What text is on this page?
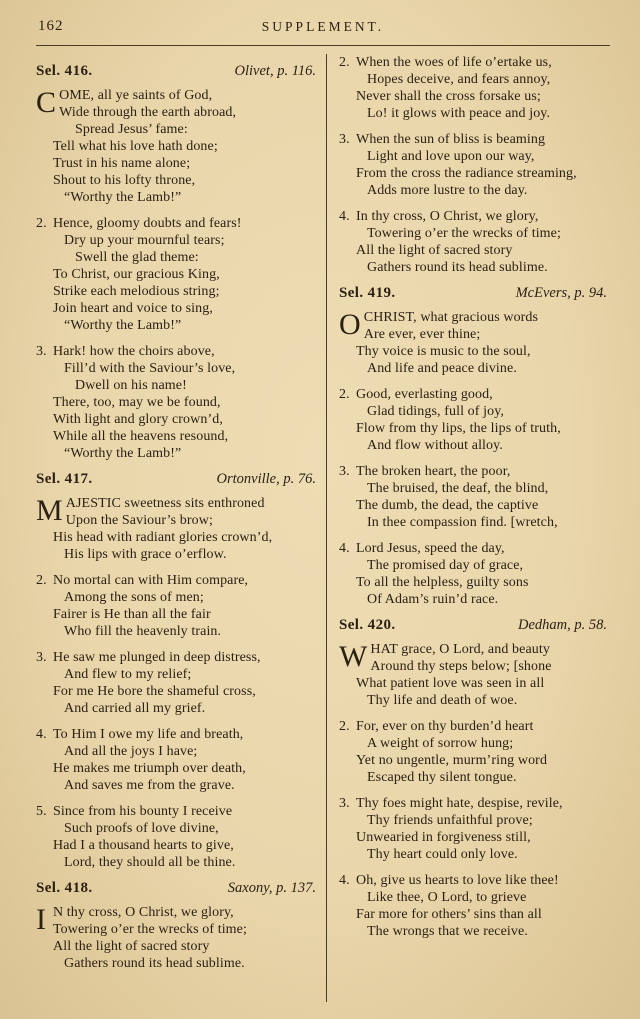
162	SUPPLEMENT.
Sel. 416.	Olivet, p. 116.
C OME, all ye saints of God,
Wide through the earth abroad,
Spread Jesus’ fame:
Tell what his love hath done;
Trust in his name alone;
Shout to his lofty throne,
“Worthy the Lamb!”
2. Hence, gloomy doubts and fears!
Dry up your mournful tears;
Swell the glad theme:
To Christ, our gracious King,
Strike each melodious string;
Join heart and voice to sing,
“Worthy the Lamb!”
3. Hark! how the choirs above,
Fill’d with the Saviour’s love,
Dwell on his name!
There, too, may we be found,
With light and glory crown’d,
While all the heavens resound,
“Worthy the Lamb!”
Sel. 417.	Ortonville, p. 76.
M AJESTIC sweetness sits enthroned
Upon the Saviour’s brow;
His head with radiant glories crown’d,
His lips with grace o’erflow.
2. No mortal can with Him compare,
Among the sons of men;
Fairer is He than all the fair
Who fill the heavenly train.
3. He saw me plunged in deep distress,
And flew to my relief;
For me He bore the shameful cross,
And carried all my grief.
4. To Him I owe my life and breath,
And all the joys I have;
He makes me triumph over death,
And saves me from the grave.
5. Since from his bounty I receive
Such proofs of love divine,
Had I a thousand hearts to give,
Lord, they should all be thine.
Sel. 418.	Saxony, p. 137.
I N thy cross, O Christ, we glory,
Towering o’er the wrecks of time;
All the light of sacred story
Gathers round its head sublime.
2. When the woes of life o’ertake us,
Hopes deceive, and fears annoy,
Never shall the cross forsake us;
Lo! it glows with peace and joy.
3. When the sun of bliss is beaming
Light and love upon our way,
From the cross the radiance streaming,
Adds more lustre to the day.
4. In thy cross, O Christ, we glory,
Towering o’er the wrecks of time;
All the light of sacred story
Gathers round its head sublime.
Sel. 419.	McEvers, p. 94.
O CHRIST, what gracious words
Are ever, ever thine;
Thy voice is music to the soul,
And life and peace divine.
2. Good, everlasting good,
Glad tidings, full of joy,
Flow from thy lips, the lips of truth,
And flow without alloy.
3. The broken heart, the poor,
The bruised, the deaf, the blind,
The dumb, the dead, the captive
In thee compassion find. [wretch,
4. Lord Jesus, speed the day,
The promised day of grace,
To all the helpless, guilty sons
Of Adam’s ruin’d race.
Sel. 420.	Dedham, p. 58.
W HAT grace, O Lord, and beauty
Around thy steps below; [shone
What patient love was seen in all
Thy life and death of woe.
2. For, ever on thy burden’d heart
A weight of sorrow hung;
Yet no ungentle, murm’ring word
Escaped thy silent tongue.
3. Thy foes might hate, despise, revile,
Thy friends unfaithful prove;
Unwearied in forgiveness still,
Thy heart could only love.
4. Oh, give us hearts to love like thee!
Like thee, O Lord, to grieve
Far more for others’ sins than all
The wrongs that we receive.
